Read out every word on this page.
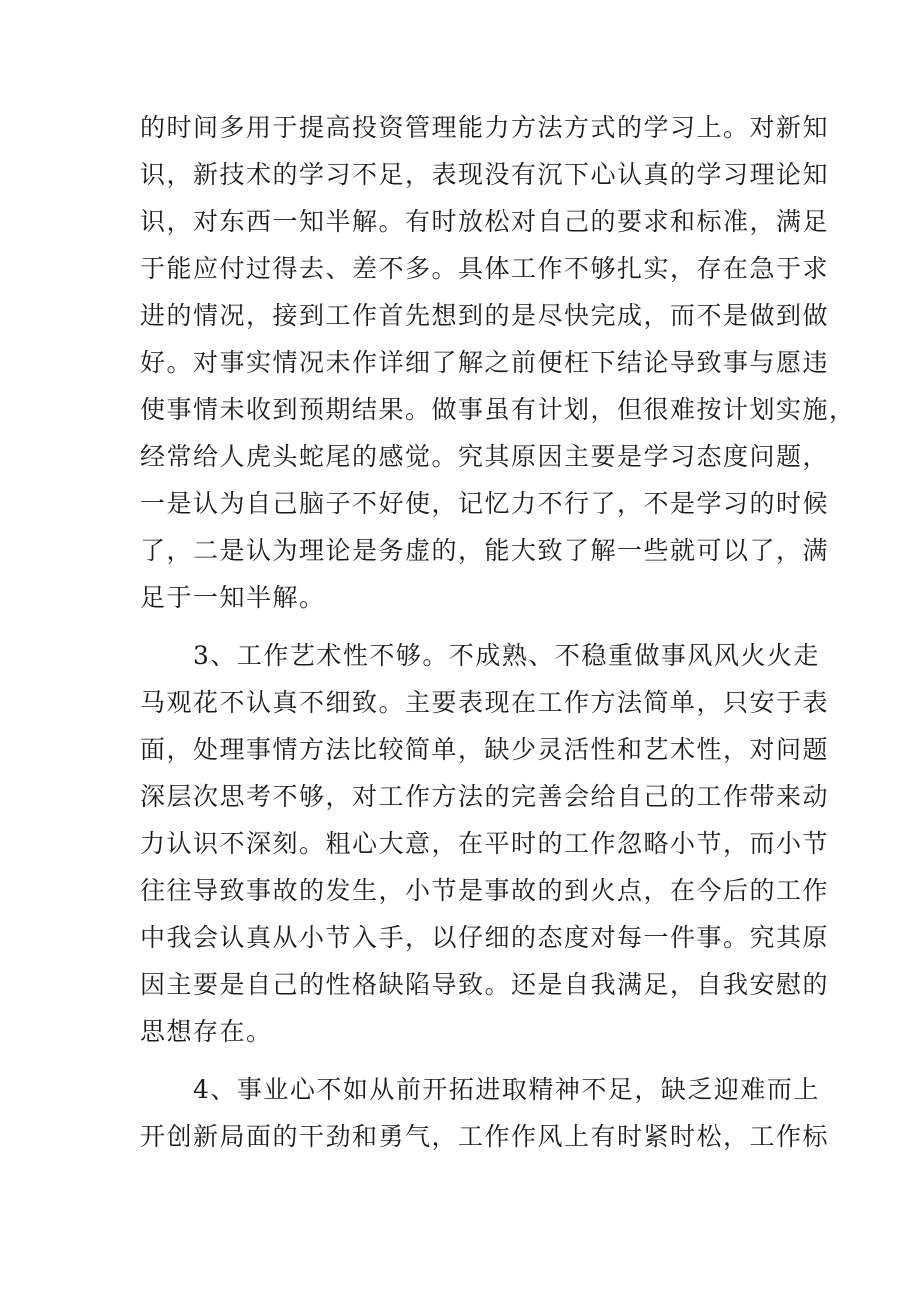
的时间多用于提高投资管理能力方法方式的学习上。对新知
识，新技术的学习不足，表现没有沉下心认真的学习理论知
识，对东西一知半解。有时放松对自己的要求和标准，满足
于能应付过得去、差不多。具体工作不够扎实，存在急于求
进的情况，接到工作首先想到的是尽快完成，而不是做到做
好。对事实情况未作详细了解之前便枉下结论导致事与愿违
使事情未收到预期结果。做事虽有计划，但很难按计划实施，
经常给人虎头蛇尾的感觉。究其原因主要是学习态度问题，
一是认为自己脑子不好使，记忆力不行了，不是学习的时候
了，二是认为理论是务虚的，能大致了解一些就可以了，满
足于一知半解。
　　3、工作艺术性不够。不成熟、不稳重做事风风火火走
马观花不认真不细致。主要表现在工作方法简单，只安于表
面，处理事情方法比较简单，缺少灵活性和艺术性，对问题
深层次思考不够，对工作方法的完善会给自己的工作带来动
力认识不深刻。粗心大意，在平时的工作忽略小节，而小节
往往导致事故的发生，小节是事故的到火点，在今后的工作
中我会认真从小节入手，以仔细的态度对每一件事。究其原
因主要是自己的性格缺陷导致。还是自我满足，自我安慰的
思想存在。
　　4、事业心不如从前开拓进取精神不足，缺乏迎难而上
开创新局面的干劲和勇气，工作作风上有时紧时松，工作标
